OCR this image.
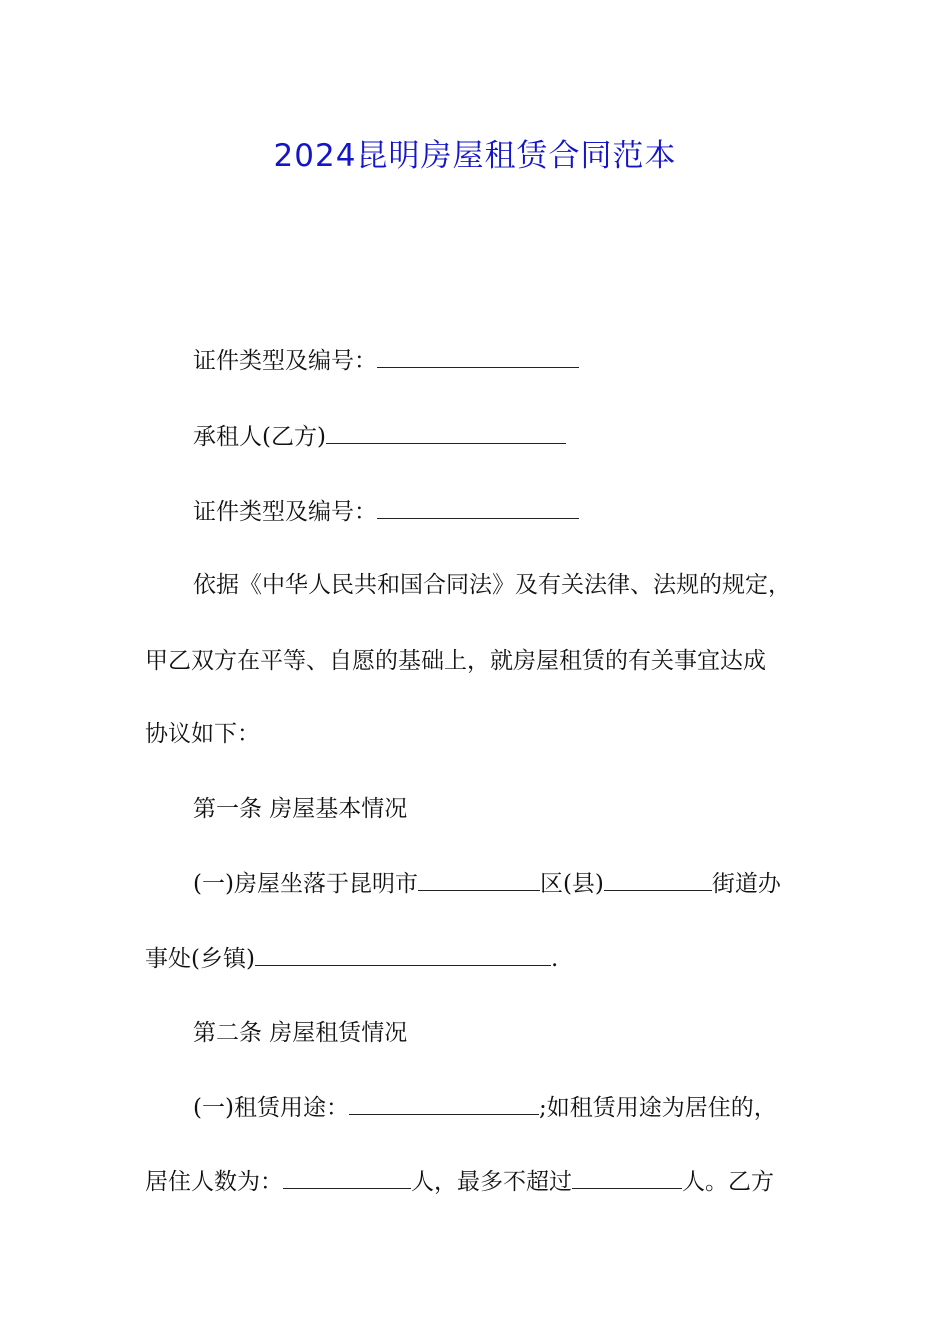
2024昆明房屋租赁合同范本
证件类型及编号：
承租人(乙方)
证件类型及编号：
依据《中华人民共和国合同法》及有关法律、法规的规定，
甲乙双方在平等、自愿的基础上，就房屋租赁的有关事宜达成
协议如下：
第一条 房屋基本情况
(一)房屋坐落于昆明市	区(县)	街道办
事处(乡镇)	.
第二条 房屋租赁情况
(一)租赁用途：	;如租赁用途为居住的，
居住人数为：	人，最多不超过	人。乙方
